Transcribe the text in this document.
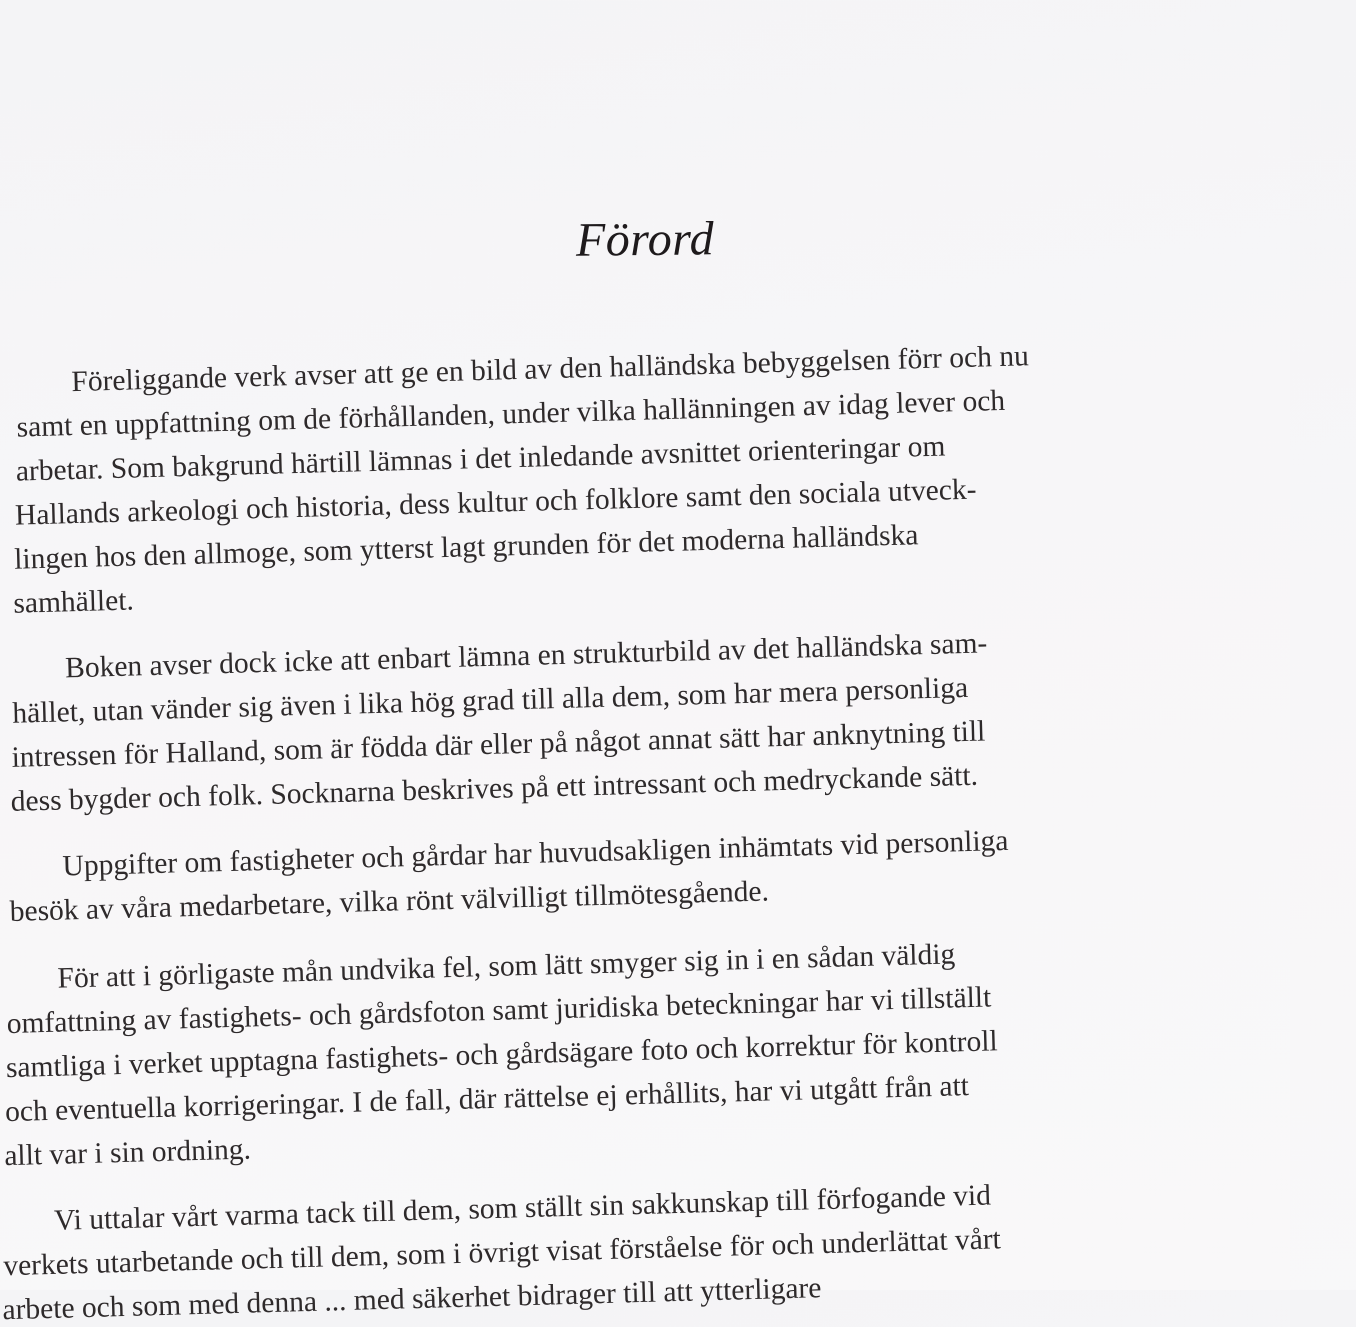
Förord
Föreliggande verk avser att ge en bild av den halländska bebyggelsen förr och nu
samt en uppfattning om de förhållanden, under vilka hallänningen av idag lever och
arbetar. Som bakgrund härtill lämnas i det inledande avsnittet orienteringar om
Hallands arkeologi och historia, dess kultur och folklore samt den sociala utveck-
lingen hos den allmoge, som ytterst lagt grunden för det moderna halländska
samhället.
Boken avser dock icke att enbart lämna en strukturbild av det halländska sam-
hället, utan vänder sig även i lika hög grad till alla dem, som har mera personliga
intressen för Halland, som är födda där eller på något annat sätt har anknytning till
dess bygder och folk. Socknarna beskrives på ett intressant och medryckande sätt.
Uppgifter om fastigheter och gårdar har huvudsakligen inhämtats vid personliga
besök av våra medarbetare, vilka rönt välvilligt tillmötesgående.
För att i görligaste mån undvika fel, som lätt smyger sig in i en sådan väldig
omfattning av fastighets- och gårdsfoton samt juridiska beteckningar har vi tillställt
samtliga i verket upptagna fastighets- och gårdsägare foto och korrektur för kontroll
och eventuella korrigeringar. I de fall, där rättelse ej erhållits, har vi utgått från att
allt var i sin ordning.
Vi uttalar vårt varma tack till dem, som ställt sin sakkunskap till förfogande vid
verkets utarbetande och till dem, som i övrigt visat förståelse för och underlättat vårt
arbete och som med denna ... med säkerhet bidrager till att ytterligare
